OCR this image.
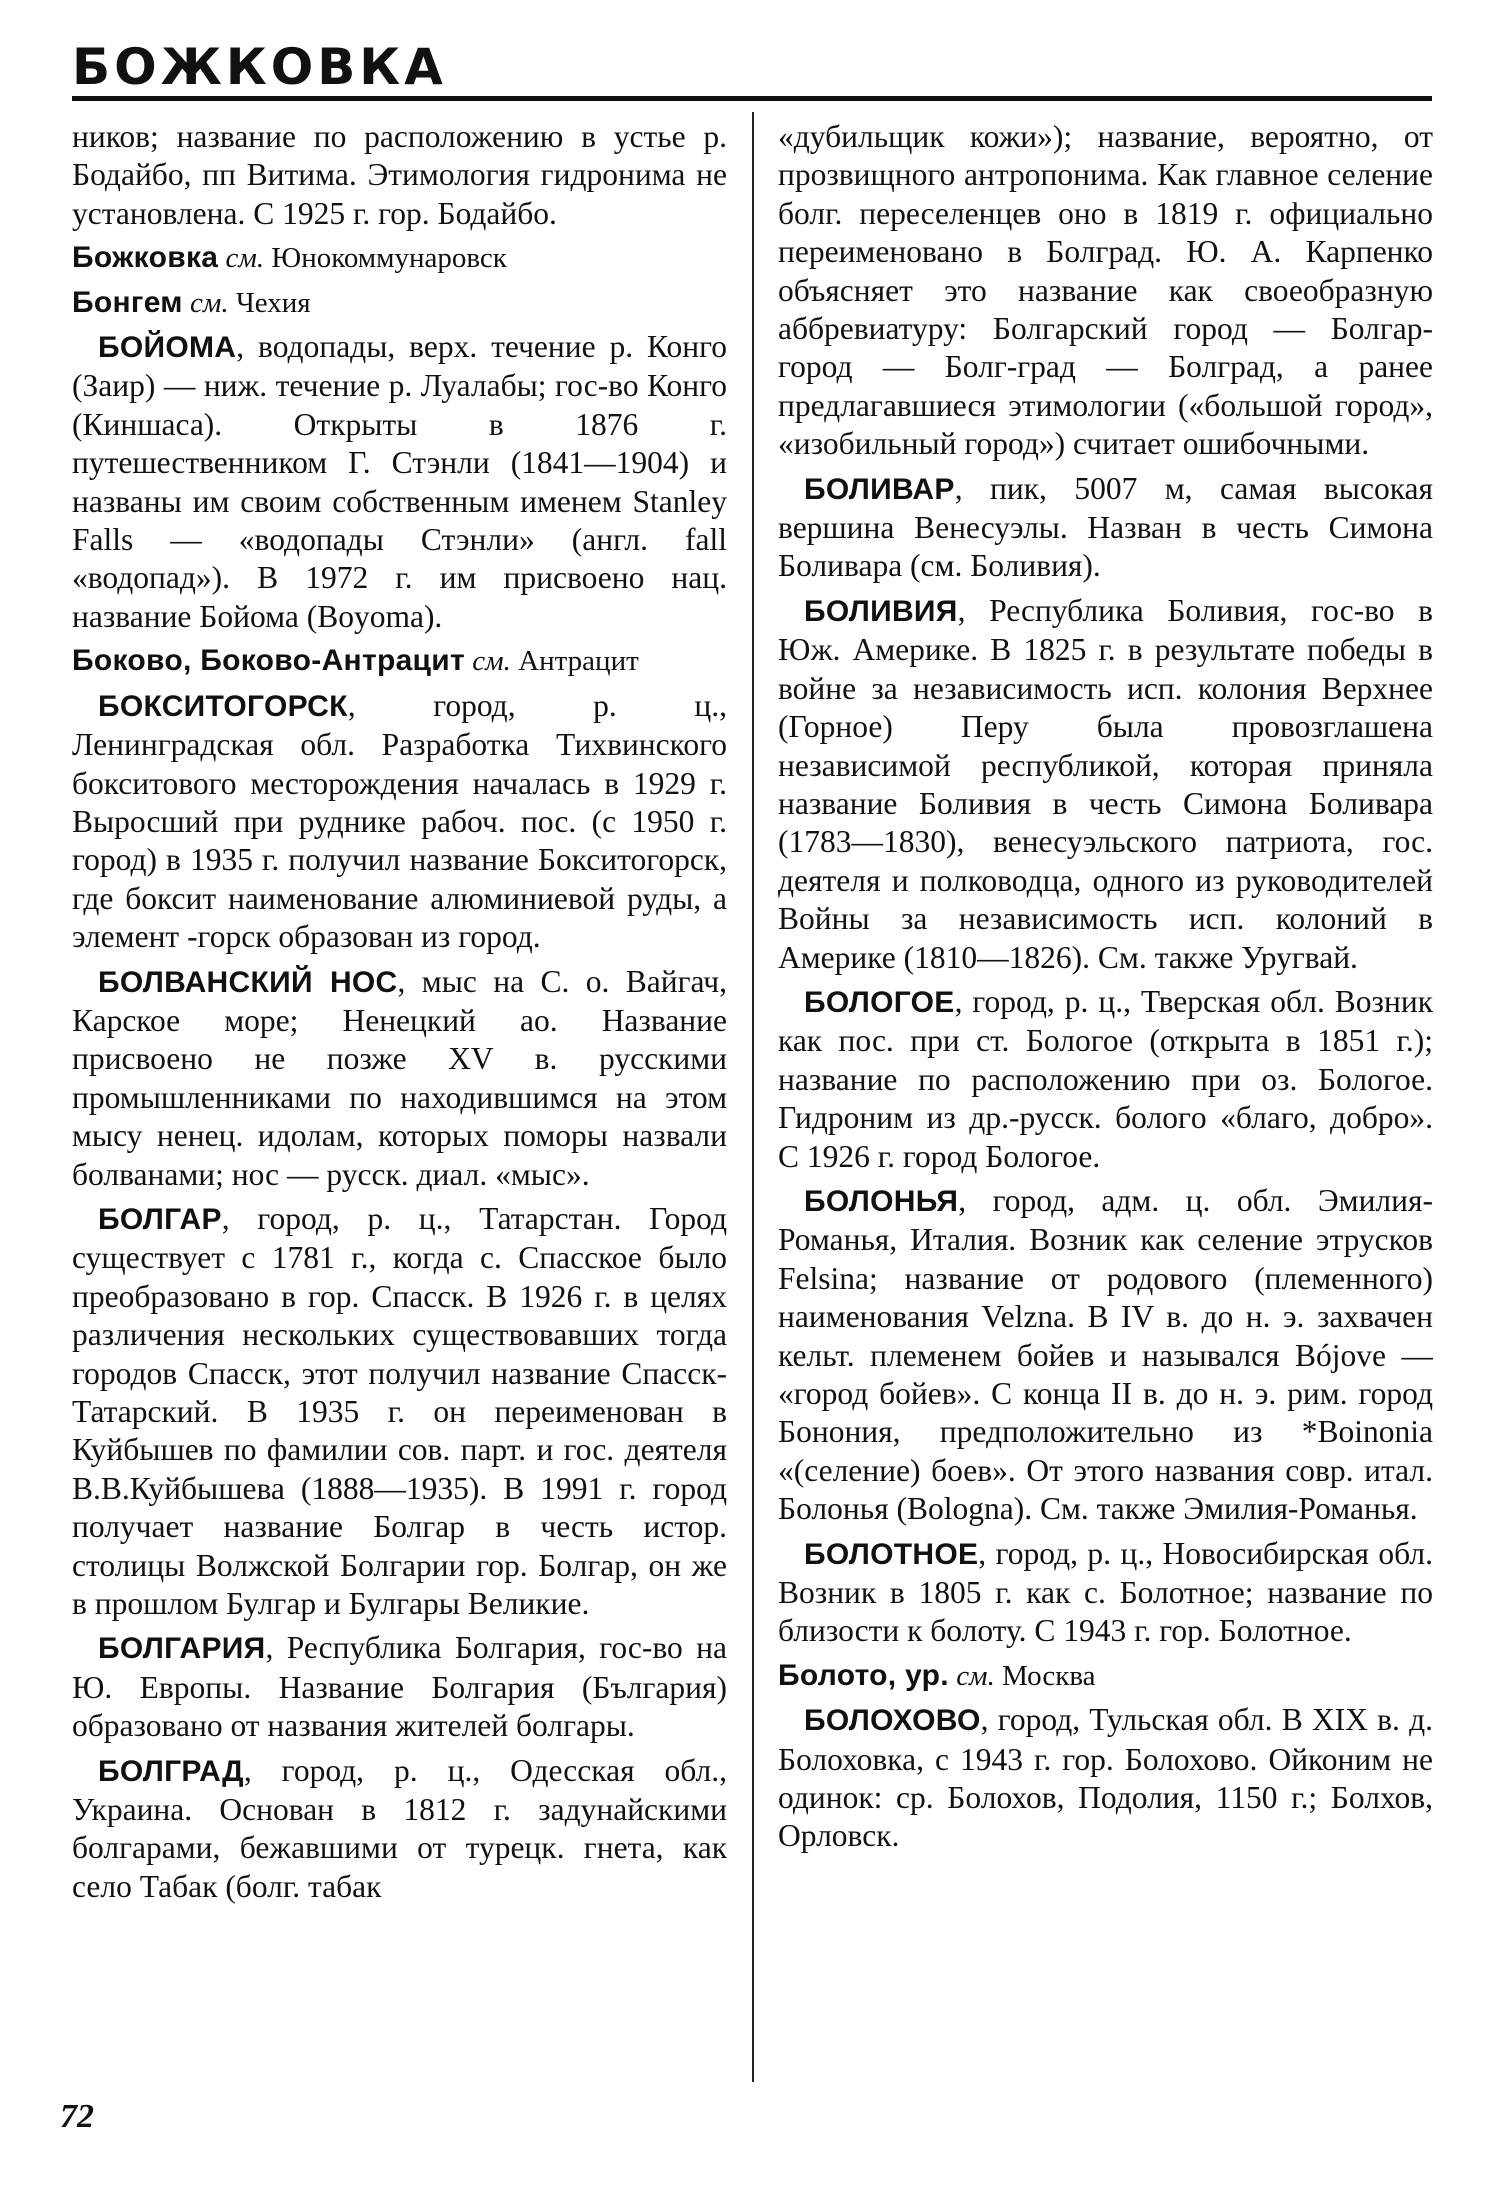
БОЖКОВКА

ников; название по расположению в устье р. Бодайбо, пп Витима. Этимология гидронима не установлена. С 1925 г. гор. Бодайбо.

Божковка см. Юнокоммунаровск

Бонгем см. Чехия

БОЙОМА, водопады, верх. течение р. Конго (Заир) — ниж. течение р. Луалабы; гос-во Конго (Киншаса). Открыты в 1876 г. путешественником Г. Стэнли (1841—1904) и названы им своим собственным именем Stanley Falls — «водопады Стэнли» (англ. fall «водопад»). В 1972 г. им присвоено нац. название Бойома (Boyoma).

Боково, Боково-Антрацит см. Антрацит

БОКСИТОГОРСК, город, р. ц., Ленинградская обл. Разработка Тихвинского бокситового месторождения началась в 1929 г. Выросший при руднике рабоч. пос. (с 1950 г. город) в 1935 г. получил название Бокситогорск, где боксит наименование алюминиевой руды, а элемент -горск образован из город.

БОЛВАНСКИЙ НОС, мыс на С. о. Вайгач, Карское море; Ненецкий ао. Название присвоено не позже XV в. русскими промышленниками по находившимся на этом мысу ненец. идолам, которых поморы назвали болванами; нос — русск. диал. «мыс».

БОЛГАР, город, р. ц., Татарстан. Город существует с 1781 г., когда с. Спасское было преобразовано в гор. Спасск. В 1926 г. в целях различения нескольких существовавших тогда городов Спасск, этот получил название Спасск-Татарский. В 1935 г. он переименован в Куйбышев по фамилии сов. парт. и гос. деятеля В.В.Куйбышева (1888—1935). В 1991 г. город получает название Болгар в честь истор. столицы Волжской Болгарии гор. Болгар, он же в прошлом Булгар и Булгары Великие.

БОЛГАРИЯ, Республика Болгария, гос-во на Ю. Европы. Название Болгария (България) образовано от названия жителей болгары.

БОЛГРАД, город, р. ц., Одесская обл., Украина. Основан в 1812 г. задунайскими болгарами, бежавшими от турецк. гнета, как село Табак (болг. табак

«дубильщик кожи»); название, вероятно, от прозвищного антропонима. Как главное селение болг. переселенцев оно в 1819 г. официально переименовано в Болград. Ю. А. Карпенко объясняет это название как своеобразную аббревиатуру: Болгарский город — Болгар-город — Болг-град — Болград, а ранее предлагавшиеся этимологии («большой город», «изобильный город») считает ошибочными.

БОЛИВАР, пик, 5007 м, самая высокая вершина Венесуэлы. Назван в честь Симона Боливара (см. Боливия).

БОЛИВИЯ, Республика Боливия, гос-во в Юж. Америке. В 1825 г. в результате победы в войне за независимость исп. колония Верхнее (Горное) Перу была провозглашена независимой республикой, которая приняла название Боливия в честь Симона Боливара (1783—1830), венесуэльского патриота, гос. деятеля и полководца, одного из руководителей Войны за независимость исп. колоний в Америке (1810—1826). См. также Уругвай.

БОЛОГОЕ, город, р. ц., Тверская обл. Возник как пос. при ст. Бологое (открыта в 1851 г.); название по расположению при оз. Бологое. Гидроним из др.-русск. бологo «благо, добро». С 1926 г. город Бологое.

БОЛОНЬЯ, город, адм. ц. обл. Эмилия-Романья, Италия. Возник как селение этрусков Felsina; название от родового (племенного) наименования Velzna. В IV в. до н. э. захвачен кельт. племенем бойев и назывался Bójove — «город бойев». С конца II в. до н. э. рим. город Бонония, предположительно из *Boinonia «(селение) боев». От этого названия совр. итал. Болонья (Bologna). См. также Эмилия-Романья.

БОЛОТНОЕ, город, р. ц., Новосибирская обл. Возник в 1805 г. как с. Болотное; название по близости к болоту. С 1943 г. гор. Болотное.

Болото, ур. см. Москва

БОЛОХОВО, город, Тульская обл. В XIX в. д. Болоховка, с 1943 г. гор. Болохово. Ойконим не одинок: ср. Болохов, Подолия, 1150 г.; Болхов, Орловск.

72
